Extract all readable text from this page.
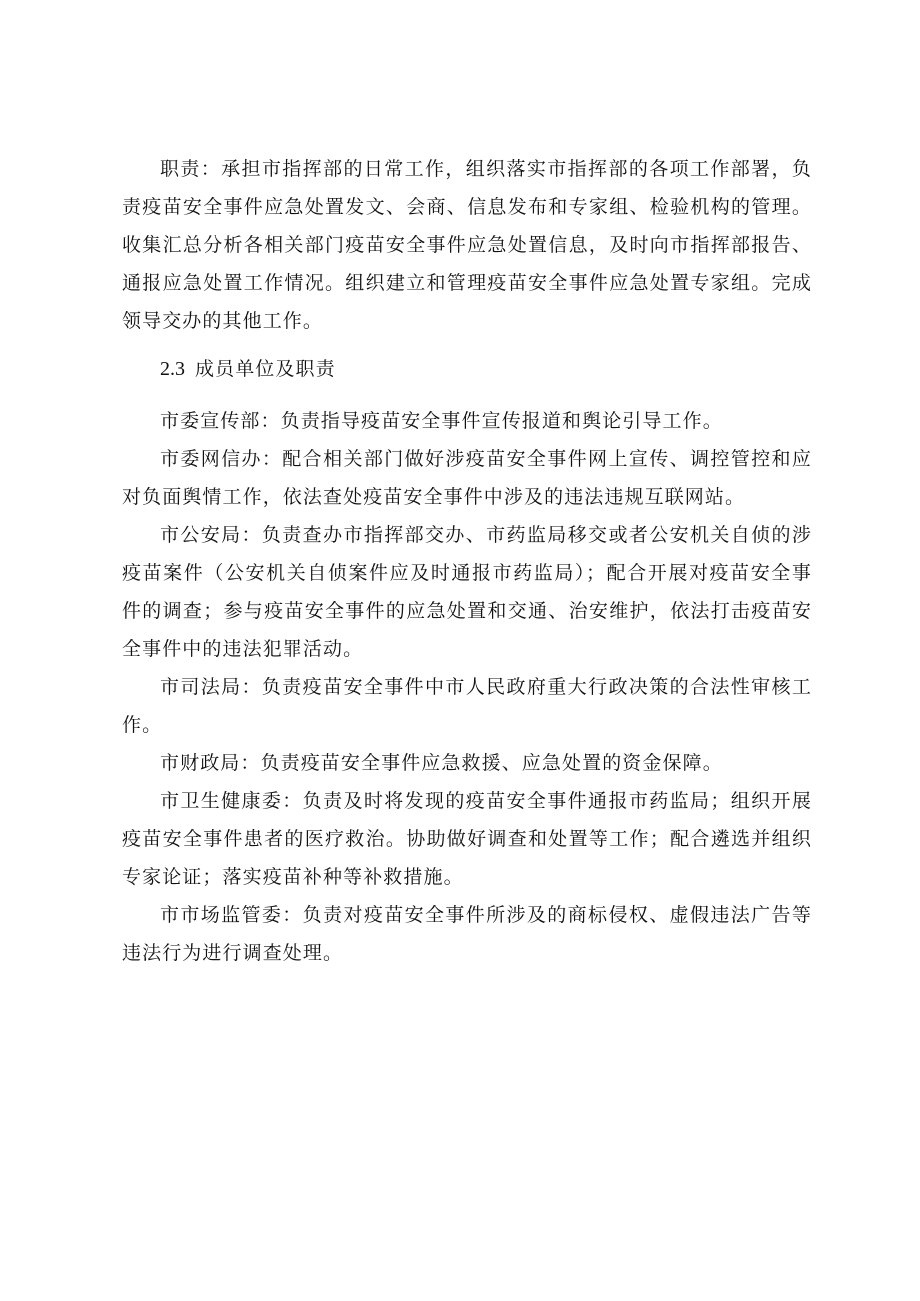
职责：承担市指挥部的日常工作，组织落实市指挥部的各项工作部署，负责疫苗安全事件应急处置发文、会商、信息发布和专家组、检验机构的管理。收集汇总分析各相关部门疫苗安全事件应急处置信息，及时向市指挥部报告、通报应急处置工作情况。组织建立和管理疫苗安全事件应急处置专家组。完成领导交办的其他工作。

2.3 成员单位及职责

市委宣传部：负责指导疫苗安全事件宣传报道和舆论引导工作。

市委网信办：配合相关部门做好涉疫苗安全事件网上宣传、调控管控和应对负面舆情工作，依法查处疫苗安全事件中涉及的违法违规互联网站。

市公安局：负责查办市指挥部交办、市药监局移交或者公安机关自侦的涉疫苗案件（公安机关自侦案件应及时通报市药监局）；配合开展对疫苗安全事件的调查；参与疫苗安全事件的应急处置和交通、治安维护，依法打击疫苗安全事件中的违法犯罪活动。

市司法局：负责疫苗安全事件中市人民政府重大行政决策的合法性审核工作。

市财政局：负责疫苗安全事件应急救援、应急处置的资金保障。

市卫生健康委：负责及时将发现的疫苗安全事件通报市药监局；组织开展疫苗安全事件患者的医疗救治。协助做好调查和处置等工作；配合遴选并组织专家论证；落实疫苗补种等补救措施。

市市场监管委：负责对疫苗安全事件所涉及的商标侵权、虚假违法广告等违法行为进行调查处理。
